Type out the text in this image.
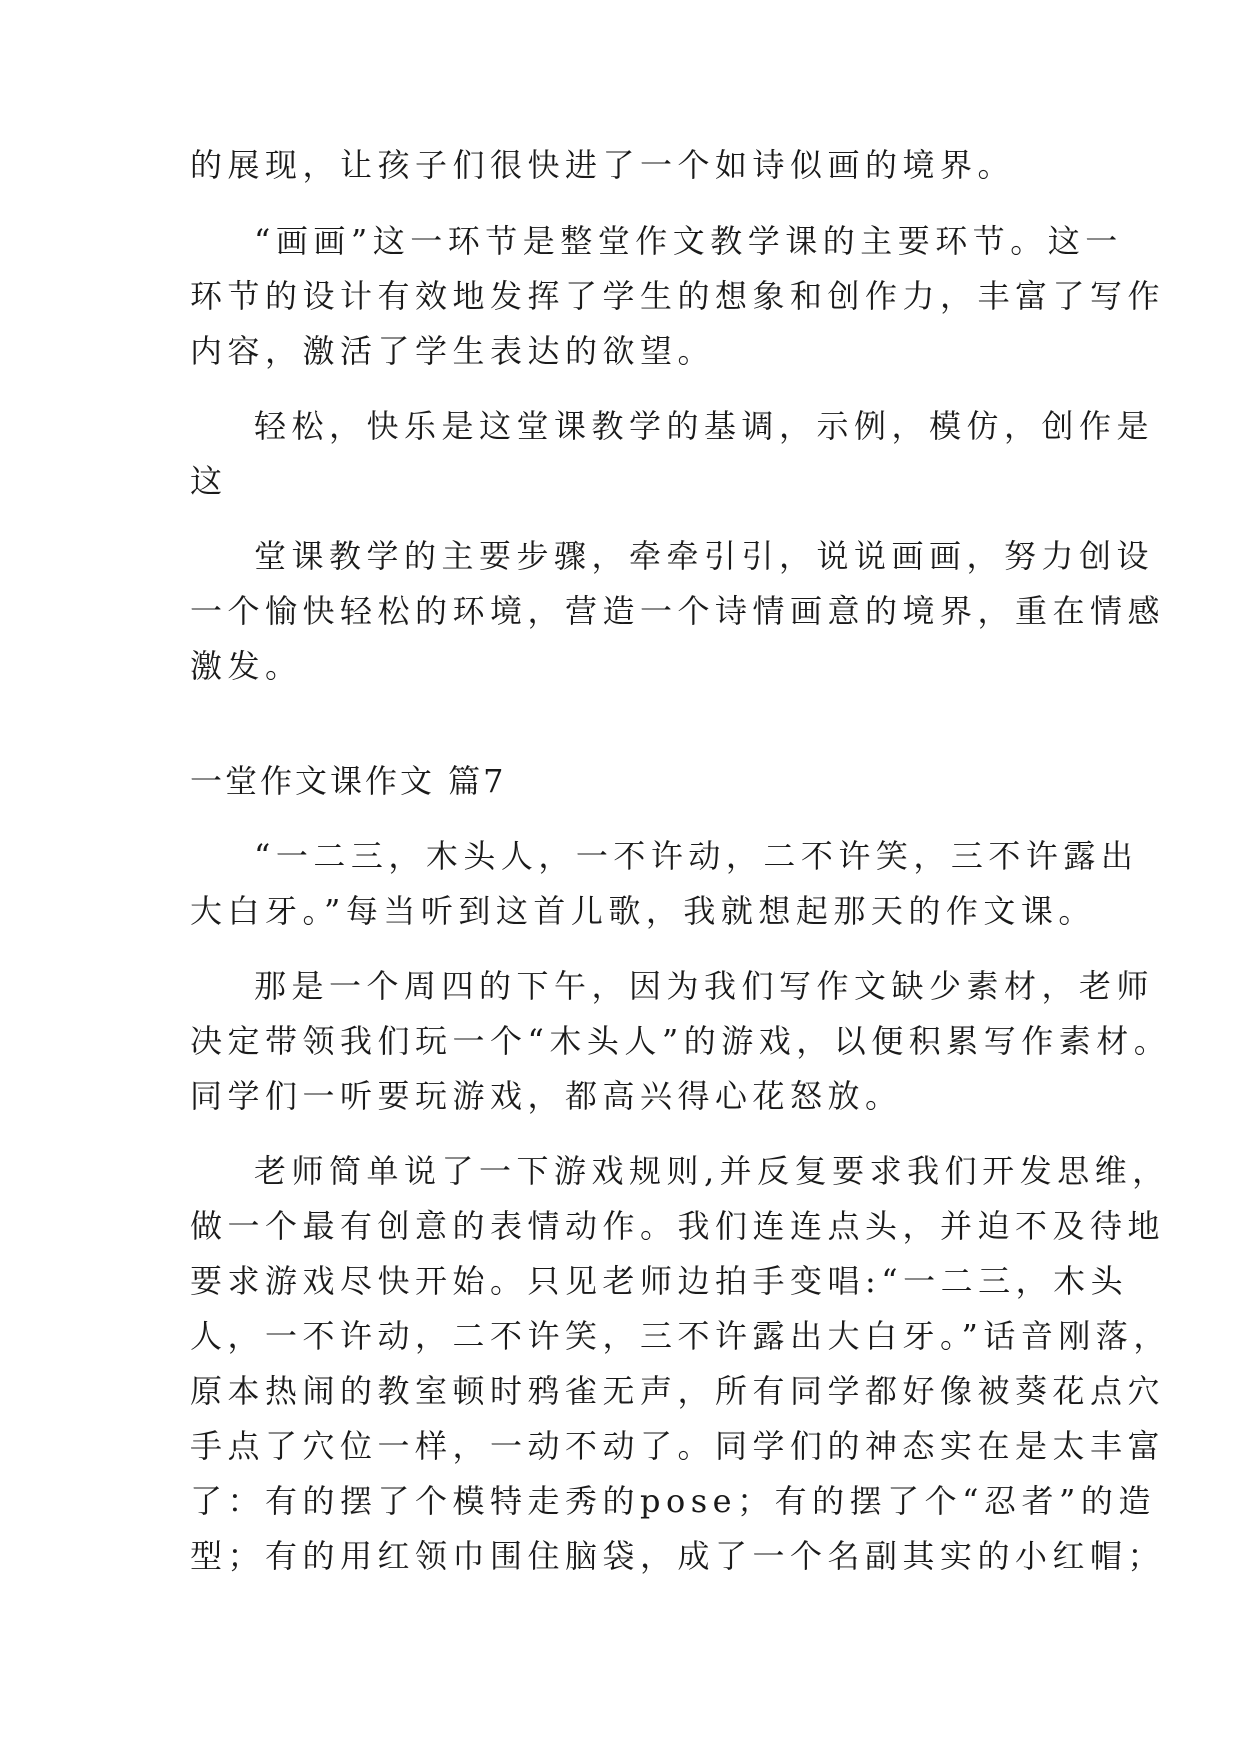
的展现，让孩子们很快进了一个如诗似画的境界。
“画画”这一环节是整堂作文教学课的主要环节。这一
环节的设计有效地发挥了学生的想象和创作力，丰富了写作
内容，激活了学生表达的欲望。
轻松，快乐是这堂课教学的基调，示例，模仿，创作是
这
堂课教学的主要步骤，牵牵引引，说说画画，努力创设
一个愉快轻松的环境，营造一个诗情画意的境界，重在情感
激发。
一堂作文课作文 篇7
“一二三，木头人，一不许动，二不许笑，三不许露出
大白牙。”每当听到这首儿歌，我就想起那天的作文课。
那是一个周四的下午，因为我们写作文缺少素材，老师
决定带领我们玩一个“木头人”的游戏，以便积累写作素材。
同学们一听要玩游戏，都高兴得心花怒放。
老师简单说了一下游戏规则,并反复要求我们开发思维，
做一个最有创意的表情动作。我们连连点头，并迫不及待地
要求游戏尽快开始。只见老师边拍手变唱:“一二三，木头
人，一不许动，二不许笑，三不许露出大白牙。”话音刚落，
原本热闹的教室顿时鸦雀无声，所有同学都好像被葵花点穴
手点了穴位一样，一动不动了。同学们的神态实在是太丰富
了：有的摆了个模特走秀的pose；有的摆了个“忍者”的造
型；有的用红领巾围住脑袋，成了一个名副其实的小红帽；
